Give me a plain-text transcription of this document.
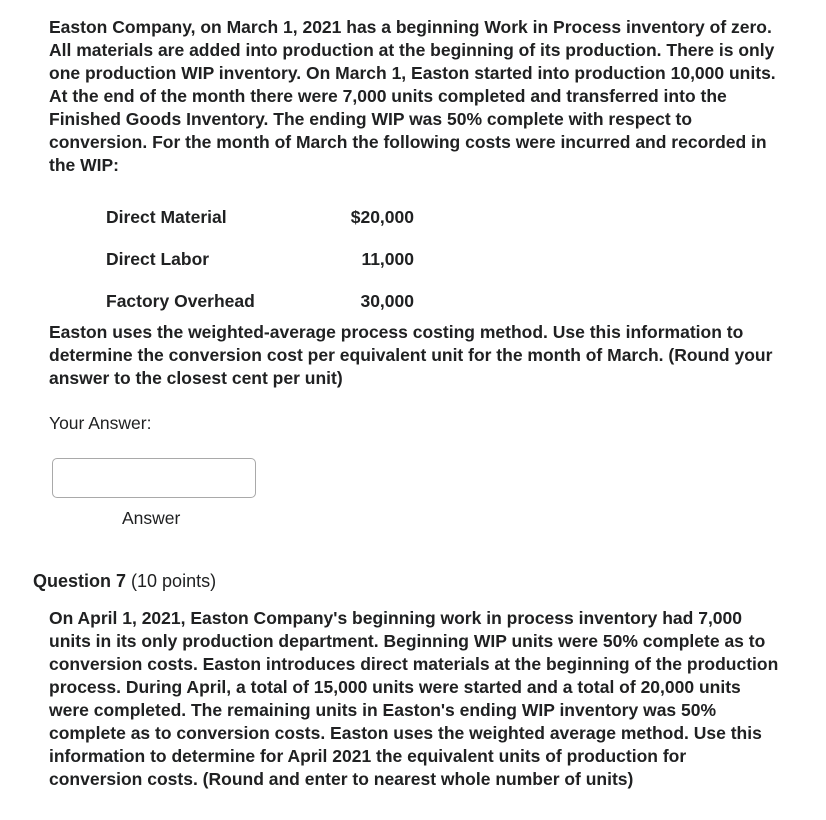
Easton Company, on March 1, 2021 has a beginning Work in Process inventory of zero. All materials are added into production at the beginning of its production. There is only one production WIP inventory. On March 1, Easton started into production 10,000 units. At the end of the month there were 7,000 units completed and transferred into the Finished Goods Inventory. The ending WIP was 50% complete with respect to conversion. For the month of March the following costs were incurred and recorded in the WIP:

Direct Material	$20,000
Direct Labor	11,000
Factory Overhead	30,000

Easton uses the weighted-average process costing method. Use this information to determine the conversion cost per equivalent unit for the month of March. (Round your answer to the closest cent per unit)

Your Answer:
Answer
Question 7 (10 points)

On April 1, 2021, Easton Company's beginning work in process inventory had 7,000 units in its only production department. Beginning WIP units were 50% complete as to conversion costs. Easton introduces direct materials at the beginning of the production process. During April, a total of 15,000 units were started and a total of 20,000 units were completed. The remaining units in Easton's ending WIP inventory was 50% complete as to conversion costs. Easton uses the weighted average method. Use this information to determine for April 2021 the equivalent units of production for conversion costs. (Round and enter to nearest whole number of units)
